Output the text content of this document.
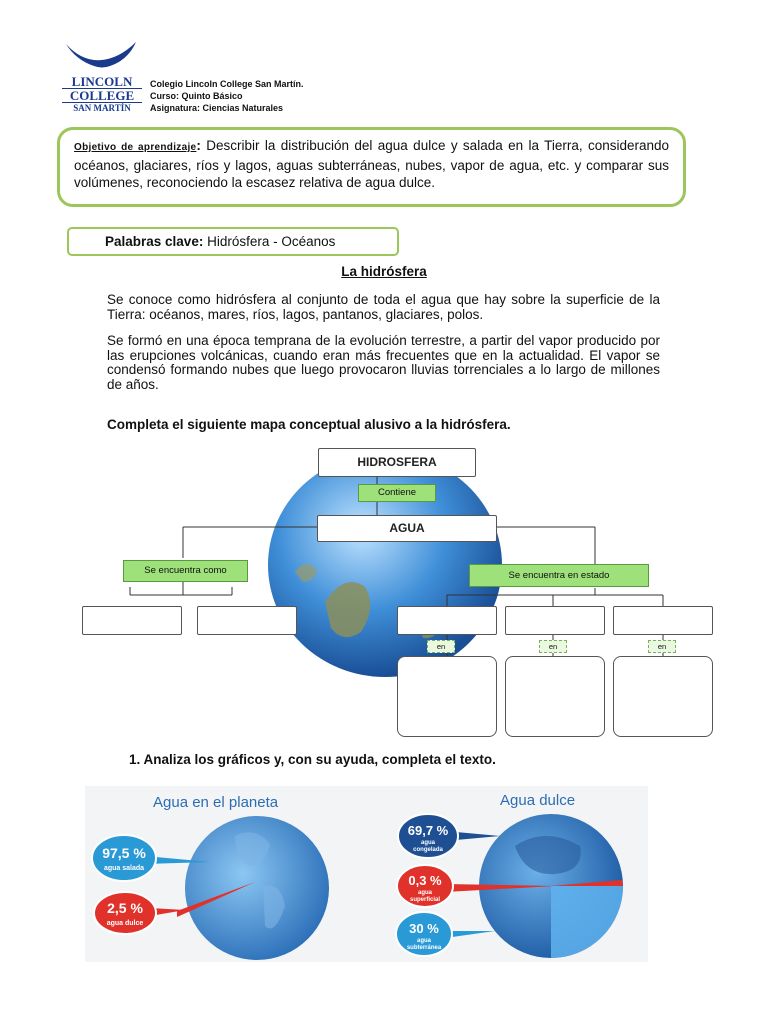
LINCOLN
COLLEGE
SAN MARTÍN
Colegio Lincoln College San Martín.
Curso: Quinto Básico
Asignatura: Ciencias Naturales
Objetivo de aprendizaje: Describir la distribución del agua dulce y salada en la Tierra, considerando océanos, glaciares, ríos y lagos, aguas subterráneas, nubes, vapor de agua, etc. y comparar sus volúmenes, reconociendo la escasez relativa de agua dulce.
Palabras clave: Hidrósfera - Océanos
La hidrósfera
Se conoce como hidrósfera al conjunto de toda el agua que hay sobre la superficie de la Tierra: océanos, mares, ríos, lagos, pantanos, glaciares, polos.
Se formó en una época temprana de la evolución terrestre, a partir del vapor producido por las erupciones volcánicas, cuando eran más frecuentes que en la actualidad. El vapor se condensó formando nubes que luego provocaron lluvias torrenciales a lo largo de millones de años.
Completa el siguiente mapa conceptual alusivo a la hidrósfera.
HIDROSFERA
Contiene
AGUA
Se encuentra como	Se encuentra en estado
en	en	en
1. Analiza los gráficos y, con su ayuda, completa el texto.
Agua en el planeta	Agua dulce
97,5 %
agua salada
2,5 %
agua dulce
69,7 %
agua
congelada
0,3 %
agua
superficial
30 %
agua
subterránea
